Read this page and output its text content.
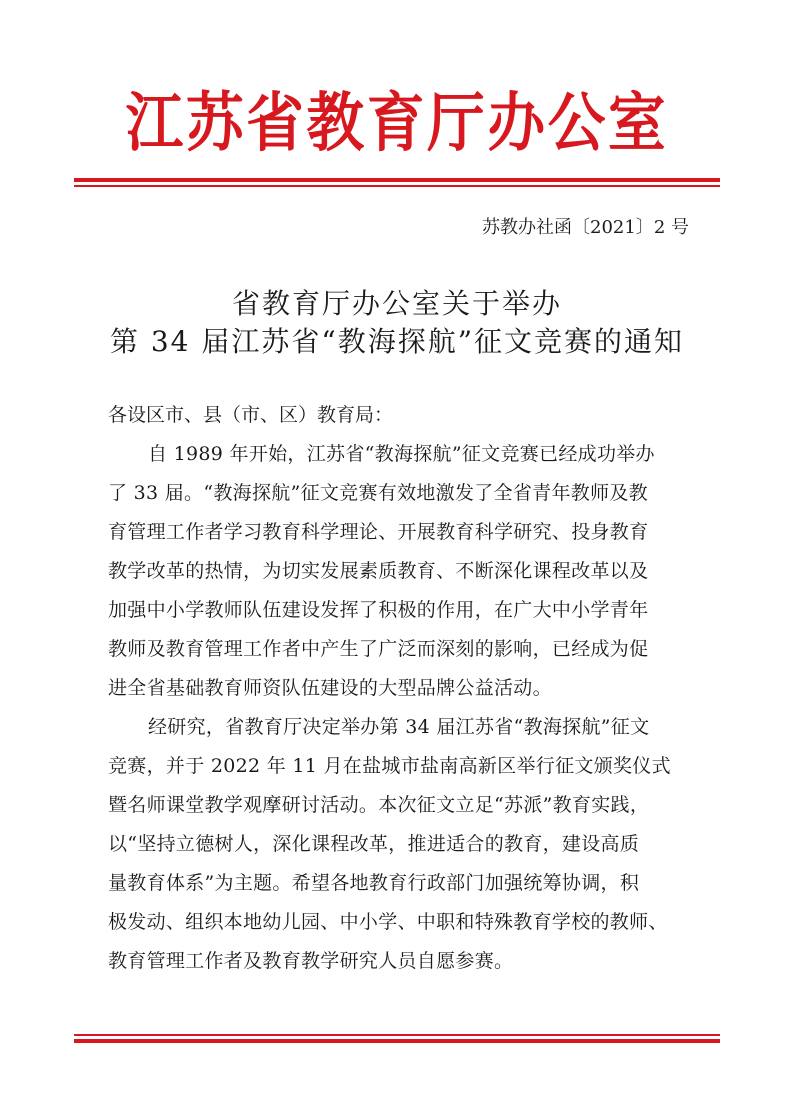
江苏省教育厅办公室
苏教办社函〔2021〕2 号
省教育厅办公室关于举办
第 34 届江苏省“教海探航”征文竞赛的通知
各设区市、县（市、区）教育局：
自 1989 年开始，江苏省“教海探航”征文竞赛已经成功举办
了 33 届。“教海探航”征文竞赛有效地激发了全省青年教师及教
育管理工作者学习教育科学理论、开展教育科学研究、投身教育
教学改革的热情，为切实发展素质教育、不断深化课程改革以及
加强中小学教师队伍建设发挥了积极的作用，在广大中小学青年
教师及教育管理工作者中产生了广泛而深刻的影响，已经成为促
进全省基础教育师资队伍建设的大型品牌公益活动。
经研究，省教育厅决定举办第 34 届江苏省“教海探航”征文
竞赛，并于 2022 年 11 月在盐城市盐南高新区举行征文颁奖仪式
暨名师课堂教学观摩研讨活动。本次征文立足“苏派”教育实践，
以“坚持立德树人，深化课程改革，推进适合的教育，建设高质
量教育体系”为主题。希望各地教育行政部门加强统筹协调，积
极发动、组织本地幼儿园、中小学、中职和特殊教育学校的教师、
教育管理工作者及教育教学研究人员自愿参赛。
